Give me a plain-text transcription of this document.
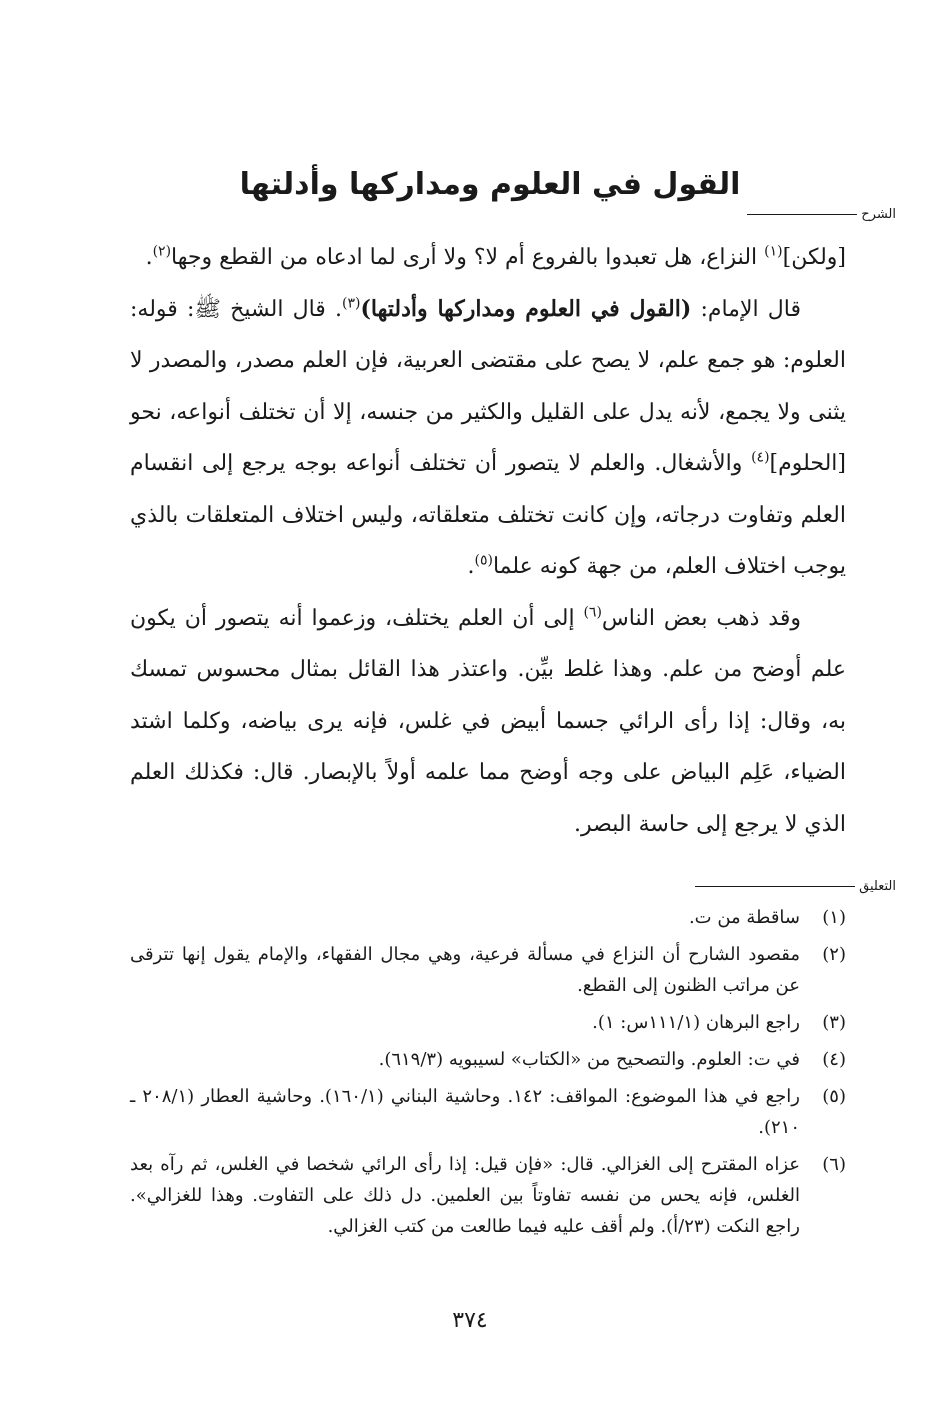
القول في العلوم ومداركها وأدلتها
الشرح

[ولكن]$^{(١)}$ النزاع، هل تعبدوا بالفروع أم لا؟ ولا أرى لما ادعاه من القطع وجها$^{(٢)}$.

قال الإمام: (القول في العلوم ومداركها وأدلتها)$^{(٣)}$. قال الشيخ ﷺ: قوله: العلوم: هو جمع علم، لا يصح على مقتضى العربية، فإن العلم مصدر، والمصدر لا يثنى ولا يجمع، لأنه يدل على القليل والكثير من جنسه، إلا أن تختلف أنواعه، نحو [الحلوم]$^{(٤)}$ والأشغال. والعلم لا يتصور أن تختلف أنواعه بوجه يرجع إلى انقسام العلم وتفاوت درجاته، وإن كانت تختلف متعلقاته، وليس اختلاف المتعلقات بالذي يوجب اختلاف العلم، من جهة كونه علما$^{(٥)}$.

وقد ذهب بعض الناس$^{(٦)}$ إلى أن العلم يختلف، وزعموا أنه يتصور أن يكون علم أوضح من علم. وهذا غلط بيِّن. واعتذر هذا القائل بمثال محسوس تمسك به، وقال: إذا رأى الرائي جسما أبيض في غلس، فإنه يرى بياضه، وكلما اشتد الضياء، عَلِم البياض على وجه أوضح مما علمه أولاً بالإبصار. قال: فكذلك العلم الذي لا يرجع إلى حاسة البصر.

التعليق
(١)
ساقطة من ت.
(٢)
مقصود الشارح أن النزاع في مسألة فرعية، وهي مجال الفقهاء، والإمام يقول إنها تترقى عن مراتب الظنون إلى القطع.
(٣)
راجع البرهان (١١١/١س: ١).
(٤)
في ت: العلوم. والتصحيح من «الكتاب» لسيبويه (٦١٩/٣).
(٥)
راجع في هذا الموضوع: المواقف: ١٤٢. وحاشية البناني (١٦٠/١). وحاشية العطار (٢٠٨/١ ـ ٢١٠).
(٦)
عزاه المقترح إلى الغزالي. قال: «فإن قيل: إذا رأى الرائي شخصا في الغلس، ثم رآه بعد الغلس، فإنه يحس من نفسه تفاوتاً بين العلمين. دل ذلك على التفاوت. وهذا للغزالي». راجع النكت (٢٣/أ). ولم أقف عليه فيما طالعت من كتب الغزالي.
٣٧٤
